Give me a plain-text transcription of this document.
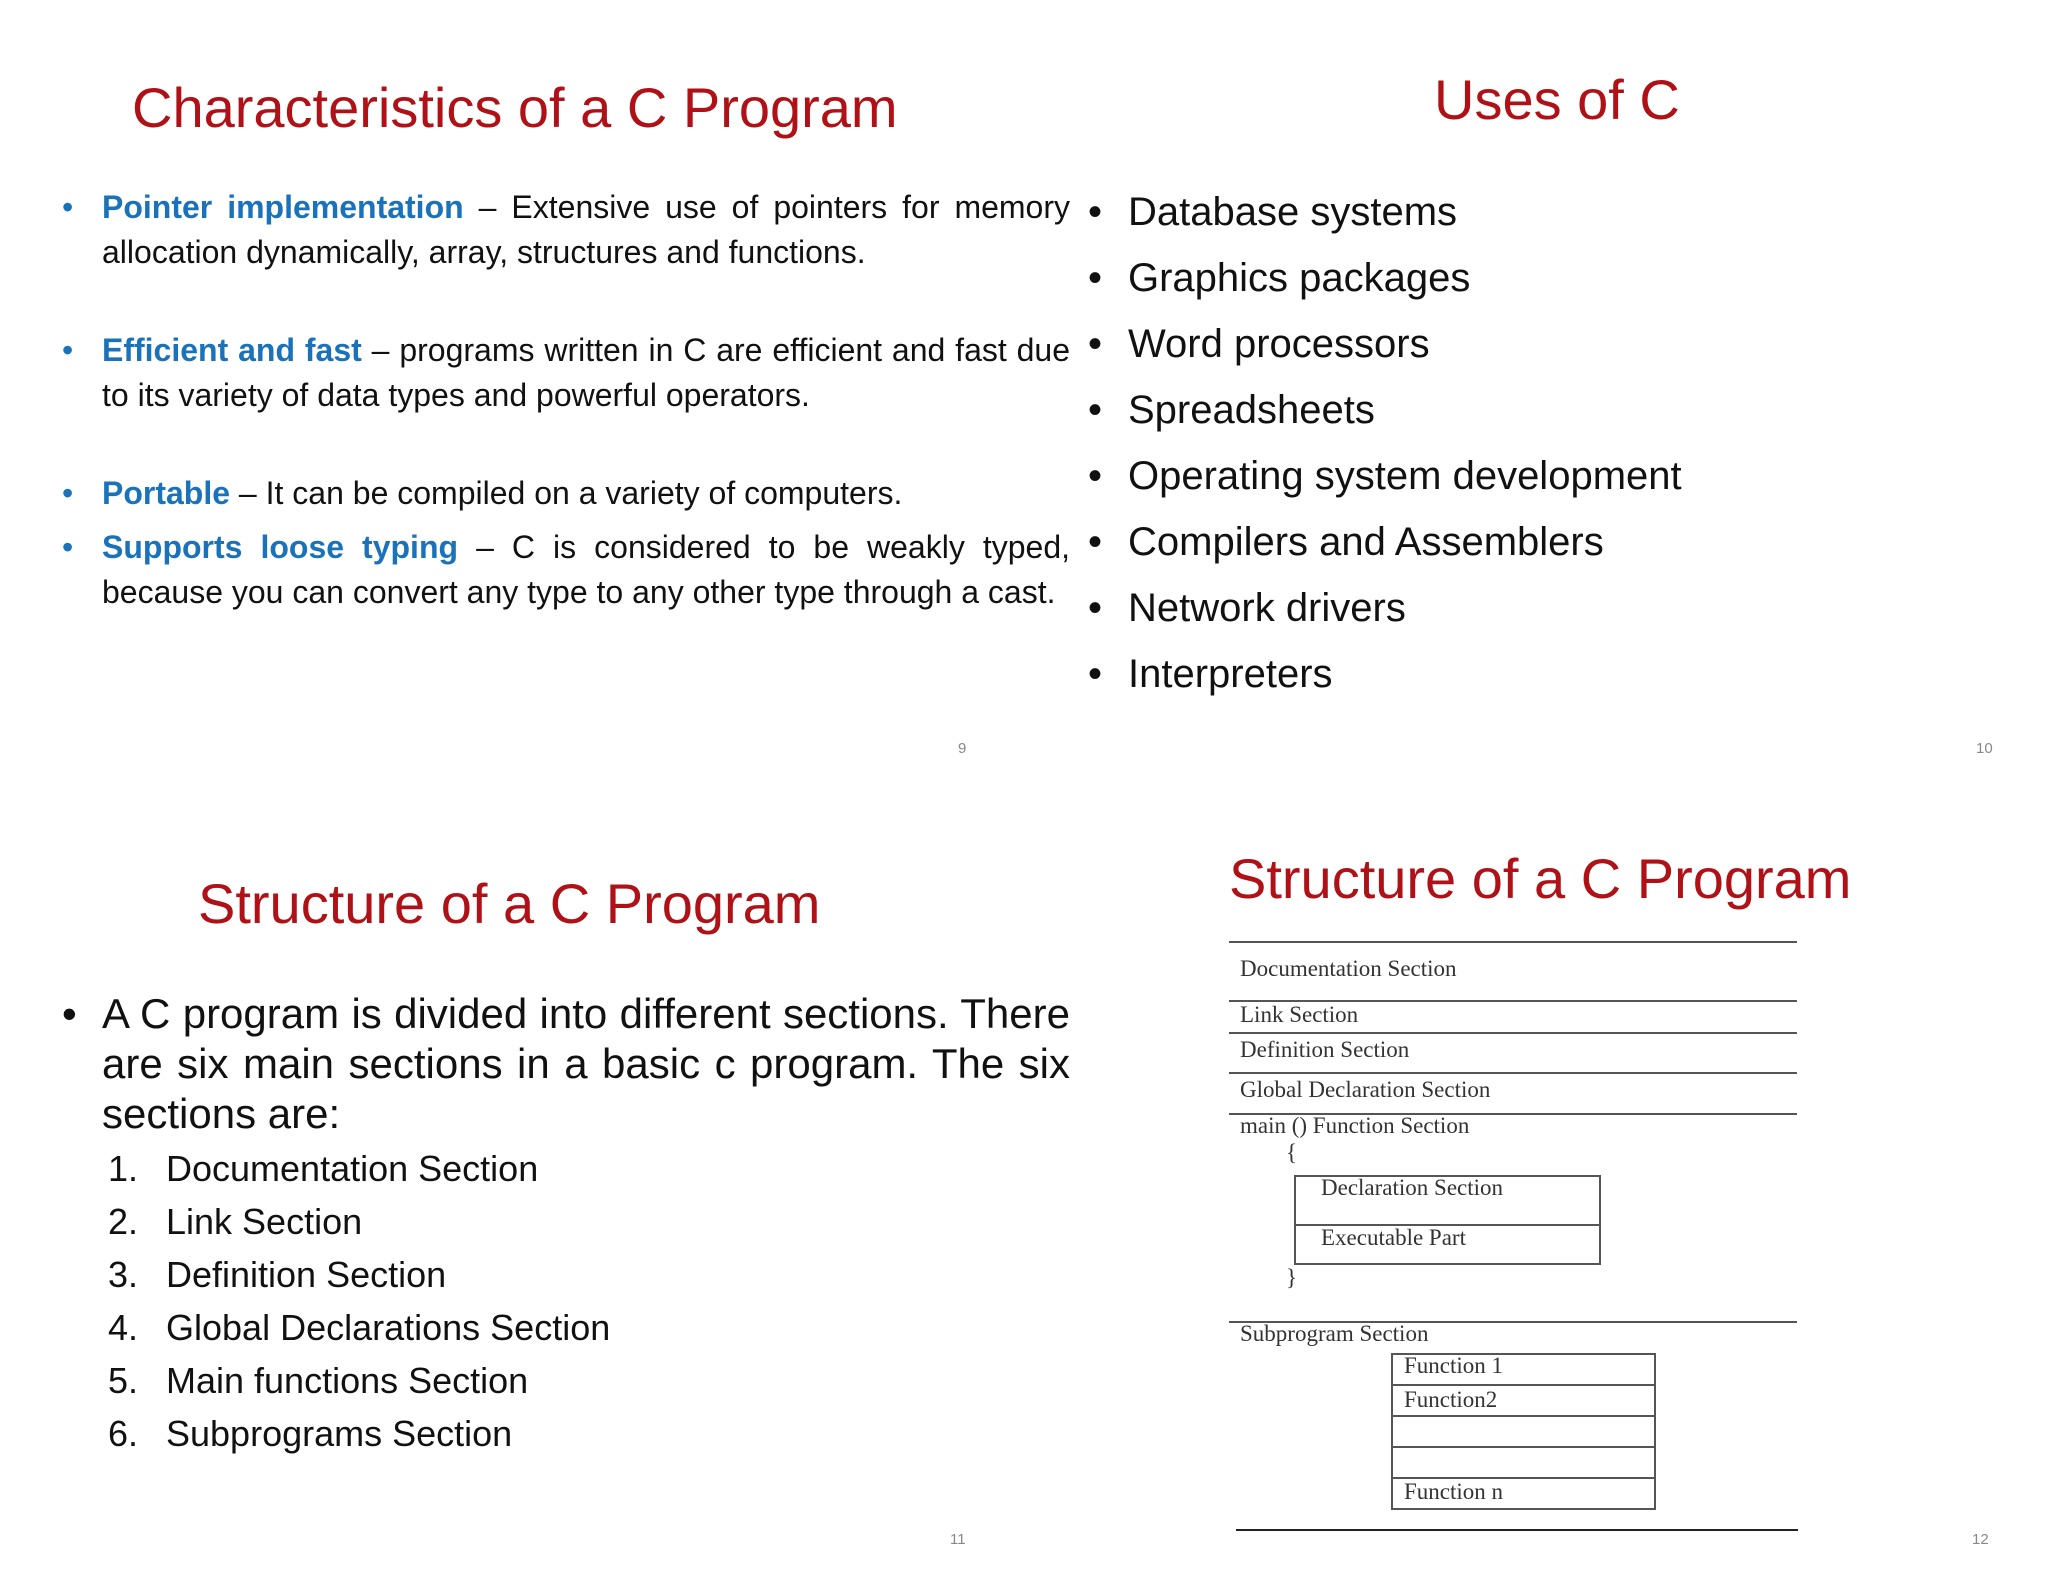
Characteristics of a C Program
• Pointer implementation – Extensive use of pointers for memory allocation dynamically, array, structures and functions.
• Efficient and fast – programs written in C are efficient and fast due to its variety of data types and powerful operators.
• Portable – It can be compiled on a variety of computers.
• Supports loose typing – C is considered to be weakly typed, because you can convert any type to any other type through a cast.
9
Uses of C
• Database systems
• Graphics packages
• Word processors
• Spreadsheets
• Operating system development
• Compilers and Assemblers
• Network drivers
• Interpreters
10
Structure of a C Program
• A C program is divided into different sections. There are six main sections in a basic c program. The six sections are:
1. Documentation Section
2. Link Section
3. Definition Section
4. Global Declarations Section
5. Main functions Section
6. Subprograms Section
11
Structure of a C Program
Documentation Section
Link Section
Definition Section
Global Declaration Section
main () Function Section
{
Declaration Section
Executable Part
}
Subprogram Section
Function 1
Function2
Function n
12
